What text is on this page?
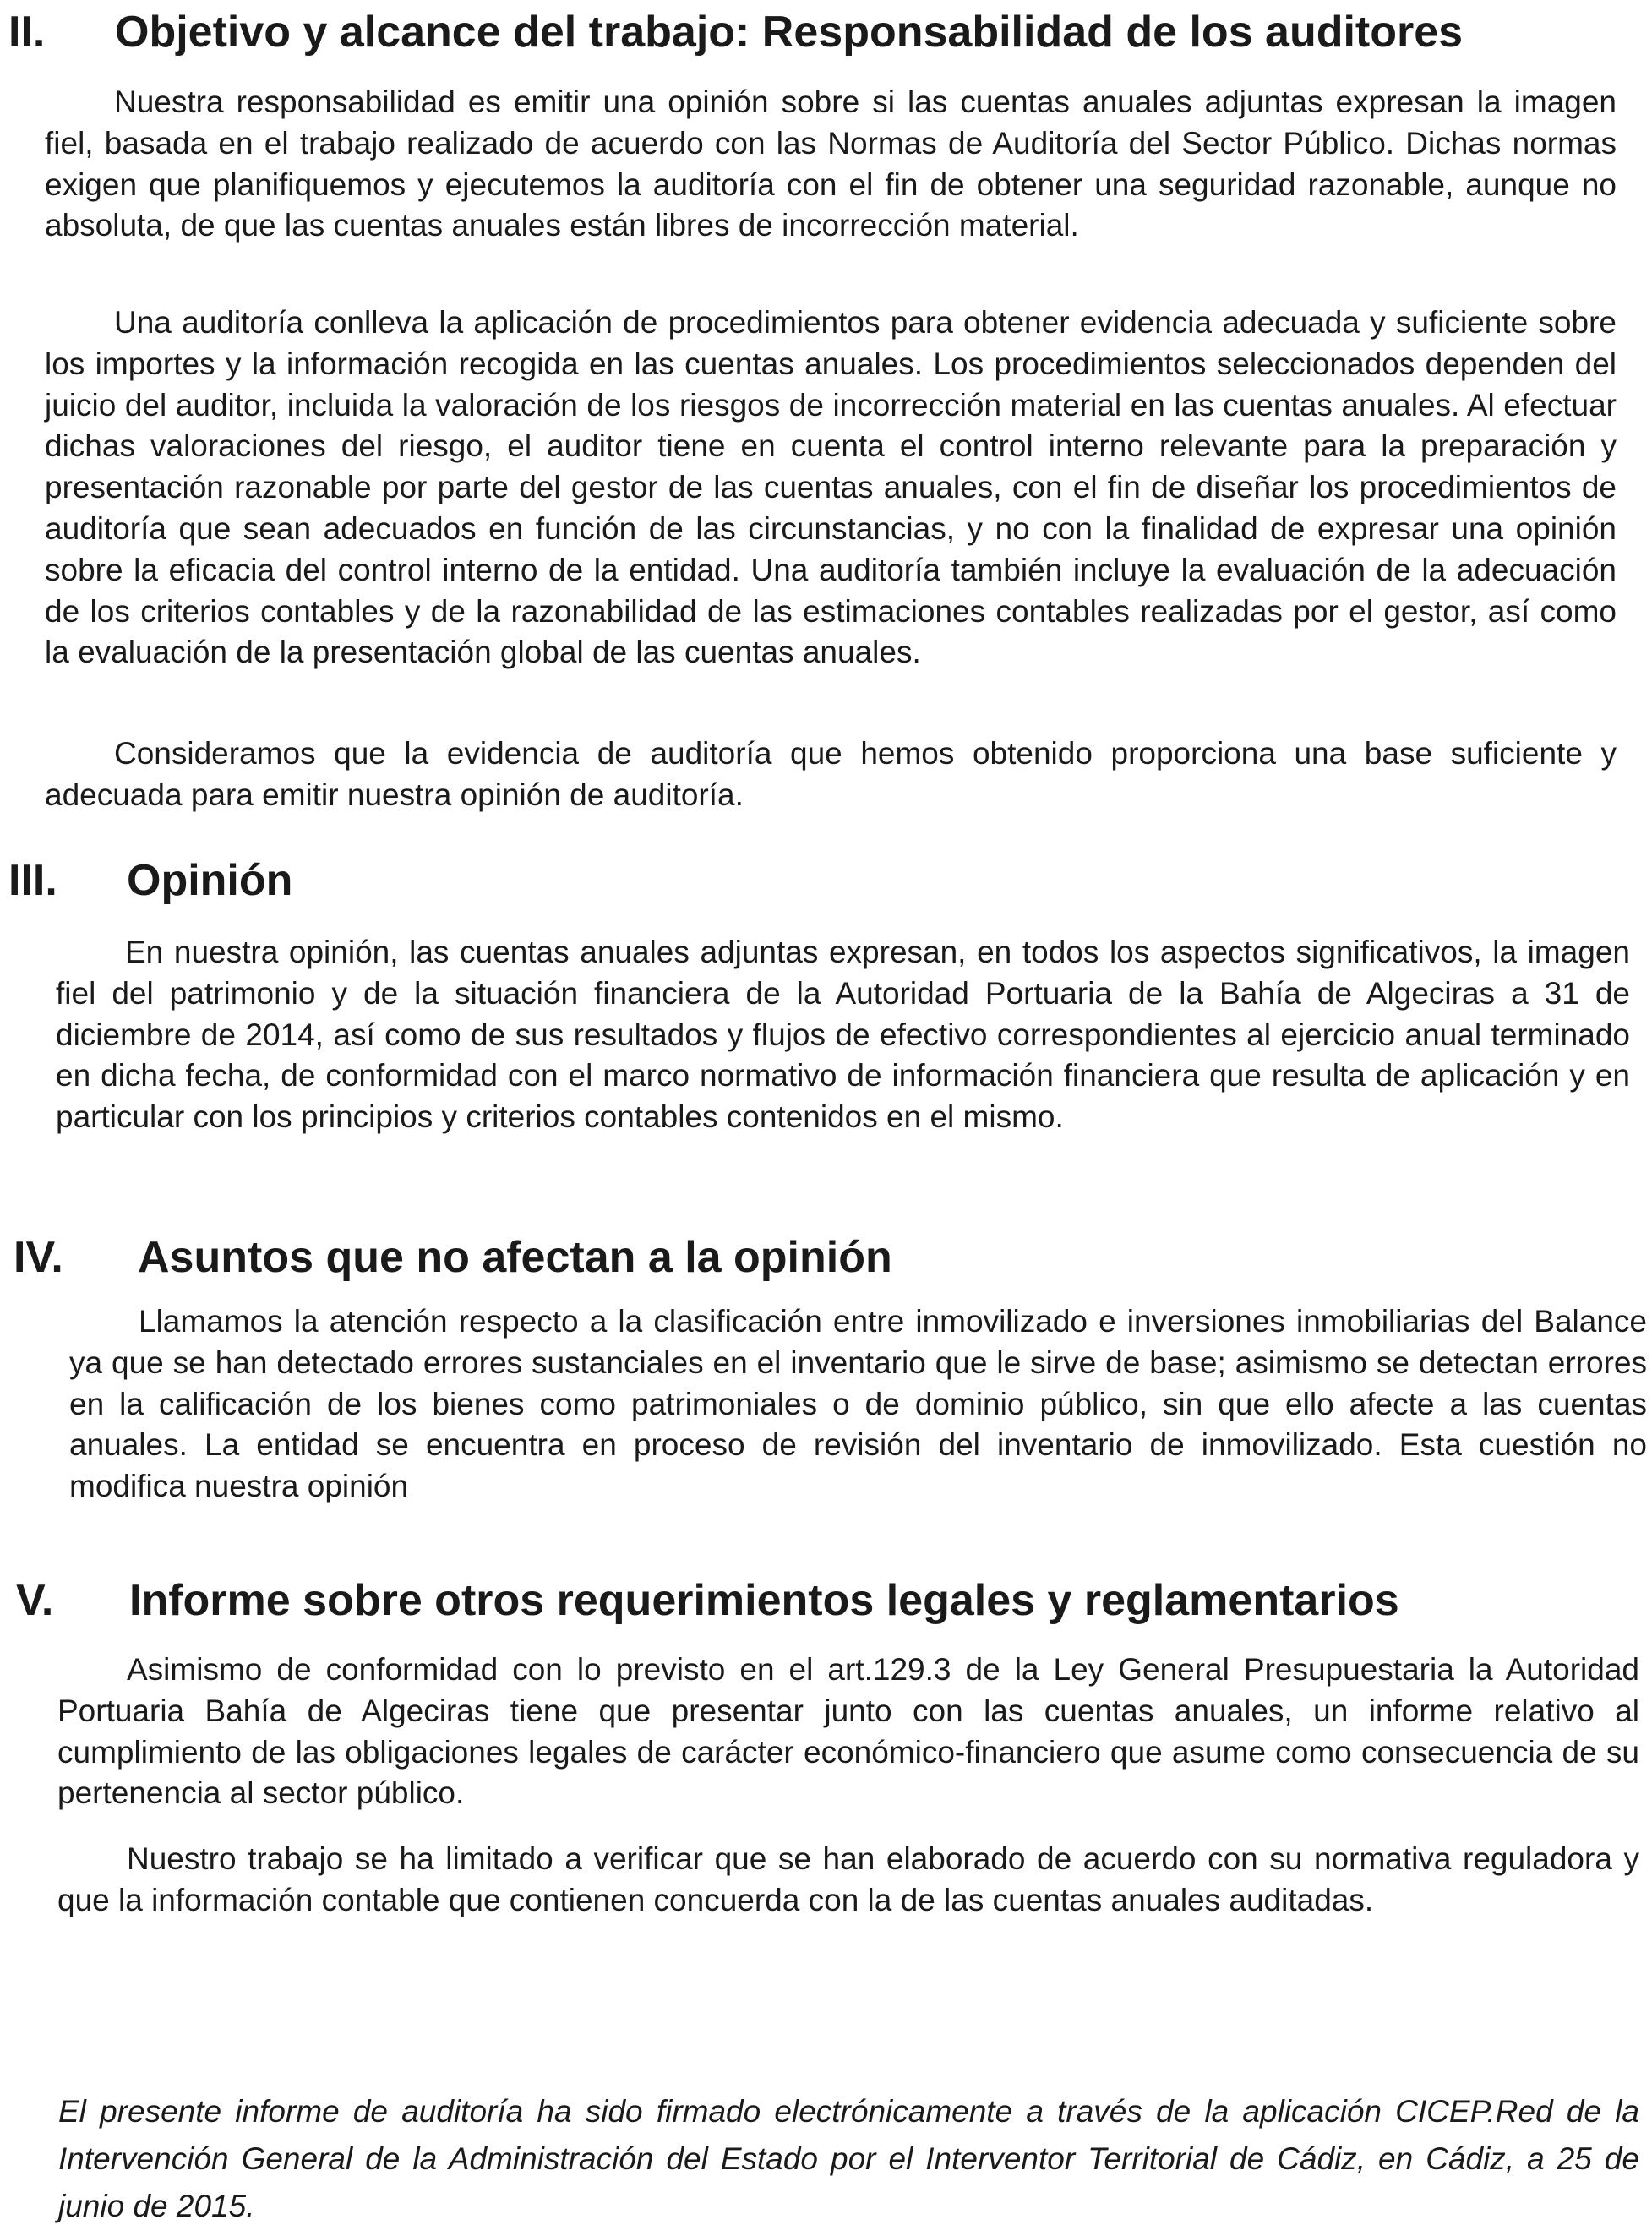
II.	Objetivo y alcance del trabajo: Responsabilidad de los auditores

Nuestra responsabilidad es emitir una opinión sobre si las cuentas anuales adjuntas expresan la imagen fiel, basada en el trabajo realizado de acuerdo con las Normas de Auditoría del Sector Público. Dichas normas exigen que planifiquemos y ejecutemos la auditoría con el fin de obtener una seguridad razonable, aunque no absoluta, de que las cuentas anuales están libres de incorrección material.

Una auditoría conlleva la aplicación de procedimientos para obtener evidencia adecuada y suficiente sobre los importes y la información recogida en las cuentas anuales. Los procedimientos seleccionados dependen del juicio del auditor, incluida la valoración de los riesgos de incorrección material en las cuentas anuales. Al efectuar dichas valoraciones del riesgo, el auditor tiene en cuenta el control interno relevante para la preparación y presentación razonable por parte del gestor de las cuentas anuales, con el fin de diseñar los procedimientos de auditoría que sean adecuados en función de las circunstancias, y no con la finalidad de expresar una opinión sobre la eficacia del control interno de la entidad. Una auditoría también incluye la evaluación de la adecuación de los criterios contables y de la razonabilidad de las estimaciones contables realizadas por el gestor, así como la evaluación de la presentación global de las cuentas anuales.

Consideramos que la evidencia de auditoría que hemos obtenido proporciona una base suficiente y adecuada para emitir nuestra opinión de auditoría.

III.	Opinión

En nuestra opinión, las cuentas anuales adjuntas expresan, en todos los aspectos significativos, la imagen fiel del patrimonio y de la situación financiera de la Autoridad Portuaria de la Bahía de Algeciras a 31 de diciembre de 2014, así como de sus resultados y flujos de efectivo correspondientes al ejercicio anual terminado en dicha fecha, de conformidad con el marco normativo de información financiera que resulta de aplicación y en particular con los principios y criterios contables contenidos en el mismo.

IV.	Asuntos que no afectan a la opinión

Llamamos la atención respecto a la clasificación entre inmovilizado e inversiones inmobiliarias del Balance ya que se han detectado errores sustanciales en el inventario que le sirve de base; asimismo se detectan errores en la calificación de los bienes como patrimoniales o de dominio público, sin que ello afecte a las cuentas anuales. La entidad se encuentra en proceso de revisión del inventario de inmovilizado. Esta cuestión no modifica nuestra opinión

V.	Informe sobre otros requerimientos legales y reglamentarios

Asimismo de conformidad con lo previsto en el art.129.3 de la Ley General Presupuestaria la Autoridad Portuaria Bahía de Algeciras tiene que presentar junto con las cuentas anuales, un informe relativo al cumplimiento de las obligaciones legales de carácter económico-financiero que asume como consecuencia de su pertenencia al sector público.

Nuestro trabajo se ha limitado a verificar que se han elaborado de acuerdo con su normativa reguladora y que la información contable que contienen concuerda con la de las cuentas anuales auditadas.

El presente informe de auditoría ha sido firmado electrónicamente a través de la aplicación CICEP.Red de la Intervención General de la Administración del Estado por el Interventor Territorial de Cádiz, en Cádiz, a 25 de junio de 2015.
